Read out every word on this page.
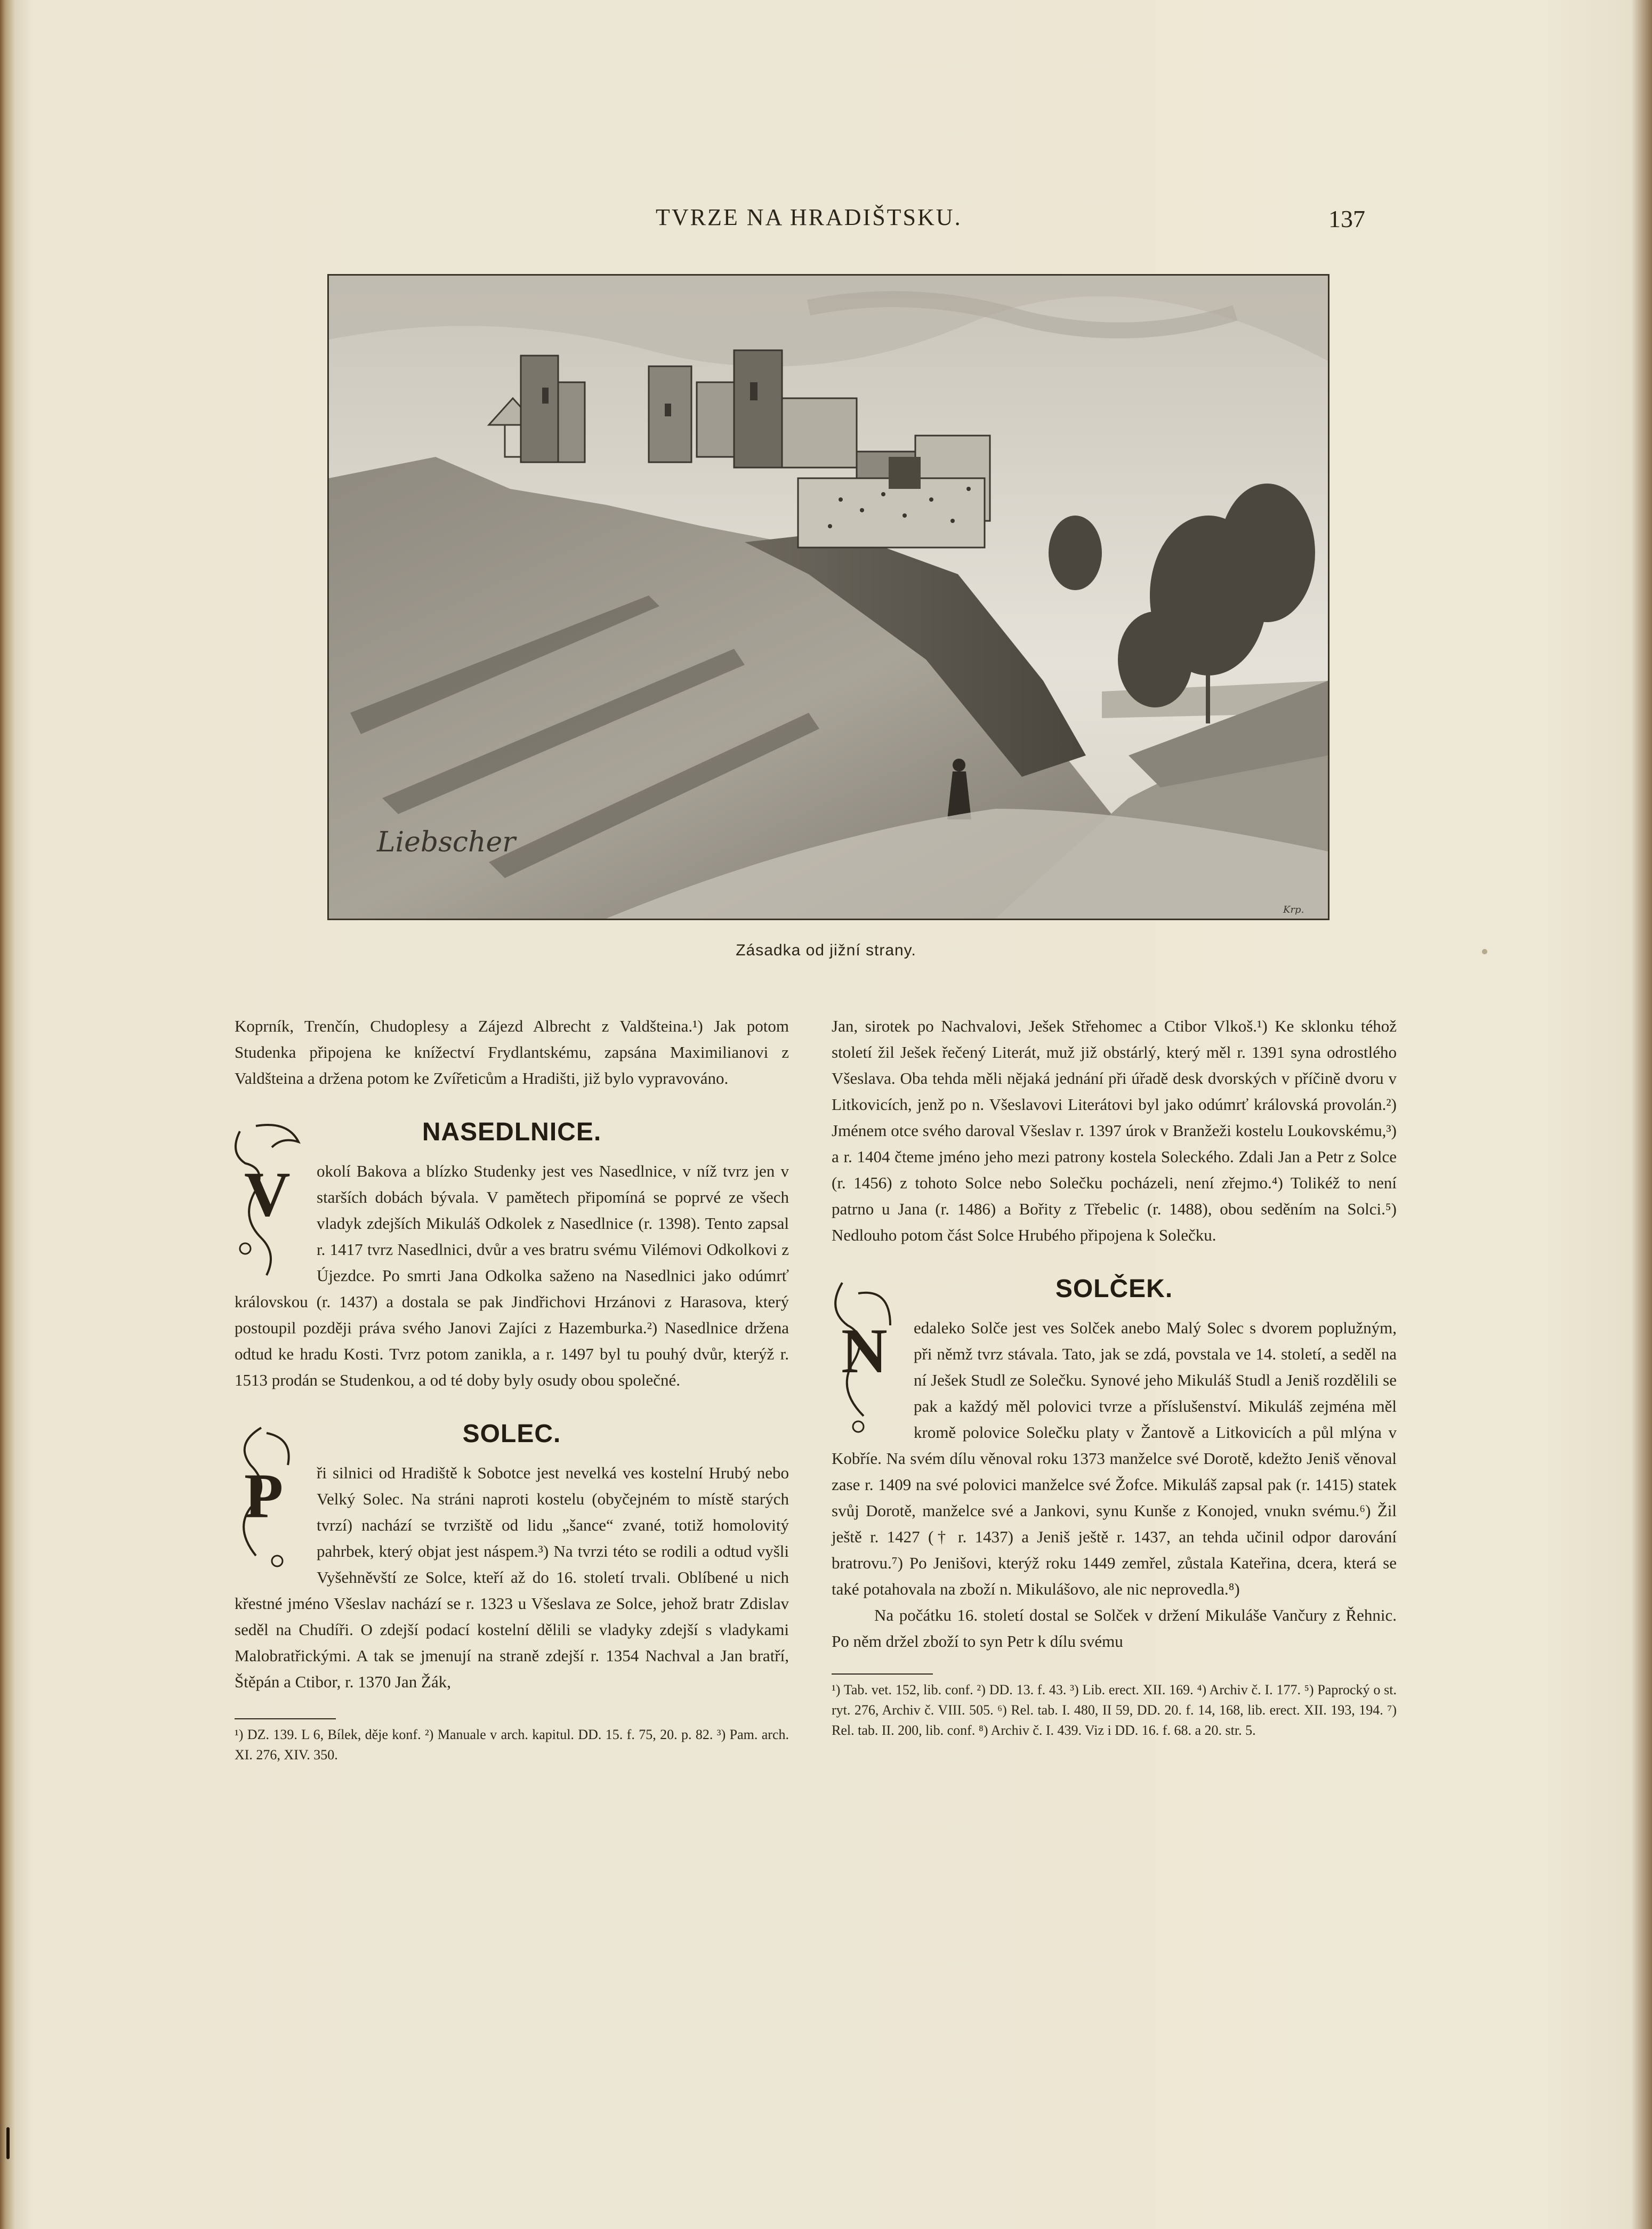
TVRZE NA HRADIŠTSKU.	137
Liebscher
Krp.
Zásadka od jižní strany.

Koprník, Trenčín, Chudoplesy a Zájezd Albrecht z Valdšteina.¹) Jak potom Studenka připojena ke knížectví Frydlantskému, zapsána Maximilianovi z Valdšteina a držena potom ke Zvířeticům a Hradišti, již bylo vypravováno.

NASEDLNICE.
V	okolí Bakova a blízko Studenky jest ves Nasedlnice, v níž tvrz jen v starších dobách bývala. V pamětech připomíná se poprvé ze všech vladyk zdejších Mikuláš Odkolek z Nasedlnice (r. 1398). Tento zapsal r. 1417 tvrz Nasedlnici, dvůr a ves bratru svému Vilémovi Odkolkovi z Újezdce. Po smrti Jana Odkolka saženo na Nasedlnici jako odúmrť královskou (r. 1437) a dostala se pak Jindřichovi Hrzánovi z Harasova, který postoupil později práva svého Janovi Zajíci z Hazemburka.²) Nasedlnice držena odtud ke hradu Kosti. Tvrz potom zanikla, a r. 1497 byl tu pouhý dvůr, kterýž r. 1513 prodán se Studenkou, a od té doby byly osudy obou společné.

SOLEC.
P	ři silnici od Hradiště k Sobotce jest nevelká ves kostelní Hrubý nebo Velký Solec. Na stráni naproti kostelu (obyčejném to místě starých tvrzí) nachází se tvrziště od lidu „šance“ zvané, totiž homolovitý pahrbek, který objat jest náspem.³) Na tvrzi této se rodili a odtud vyšli Vyšehněvští ze Solce, kteří až do 16. století trvali. Oblíbené u nich křestné jméno Všeslav nachází se r. 1323 u Všeslava ze Solce, jehož bratr Zdislav seděl na Chudíři. O zdejší podací kostelní dělili se vladyky zdejší s vladykami Malobratřickými. A tak se jmenují na straně zdejší r. 1354 Nachval a Jan bratří, Štěpán a Ctibor, r. 1370 Jan Žák,

¹) DZ. 139. L 6, Bílek, děje konf. ²) Manuale v arch. kapitul. DD. 15. f. 75, 20. p. 82. ³) Pam. arch. XI. 276, XIV. 350.

Jan, sirotek po Nachvalovi, Ješek Střehomec a Ctibor Vlkoš.¹) Ke sklonku téhož století žil Ješek řečený Literát, muž již obstárlý, který měl r. 1391 syna odrostlého Všeslava. Oba tehda měli nějaká jednání při úřadě desk dvorských v příčině dvoru v Litkovicích, jenž po n. Všeslavovi Literátovi byl jako odúmrť královská provolán.²) Jménem otce svého daroval Všeslav r. 1397 úrok v Branžeži kostelu Loukovskému,³) a r. 1404 čteme jméno jeho mezi patrony kostela Soleckého. Zdali Jan a Petr z Solce (r. 1456) z tohoto Solce nebo Solečku pocházeli, není zřejmo.⁴) Tolikéž to není patrno u Jana (r. 1486) a Bořity z Třebelic (r. 1488), obou seděním na Solci.⁵) Nedlouho potom část Solce Hrubého připojena k Solečku.

SOLČEK.
N	edaleko Solče jest ves Solček anebo Malý Solec s dvorem poplužným, při němž tvrz stávala. Tato, jak se zdá, povstala ve 14. století, a seděl na ní Ješek Studl ze Solečku. Synové jeho Mikuláš Studl a Jeniš rozdělili se pak a každý měl polovici tvrze a příslušenství. Mikuláš zejména měl kromě polovice Solečku platy v Žantově a Litkovicích a půl mlýna v Kobříe. Na svém dílu věnoval roku 1373 manželce své Dorotě, kdežto Jeniš věnoval zase r. 1409 na své polovici manželce své Žofce. Mikuláš zapsal pak (r. 1415) statek svůj Dorotě, manželce své a Jankovi, synu Kunše z Konojed, vnukn svému.⁶) Žil ještě r. 1427 († r. 1437) a Jeniš ještě r. 1437, an tehda učinil odpor darování bratrovu.⁷) Po Jenišovi, kterýž roku 1449 zemřel, zůstala Kateřina, dcera, která se také potahovala na zboží n. Mikulášovo, ale nic neprovedla.⁸)

Na počátku 16. století dostal se Solček v držení Mikuláše Vančury z Řehnic. Po něm držel zboží to syn Petr k dílu svému

¹) Tab. vet. 152, lib. conf. ²) DD. 13. f. 43. ³) Lib. erect. XII. 169. ⁴) Archiv č. I. 177. ⁵) Paprocký o st. ryt. 276, Archiv č. VIII. 505. ⁶) Rel. tab. I. 480, II 59, DD. 20. f. 14, 168, lib. erect. XII. 193, 194. ⁷) Rel. tab. II. 200, lib. conf. ⁸) Archiv č. I. 439. Viz i DD. 16. f. 68. a 20. str. 5.
